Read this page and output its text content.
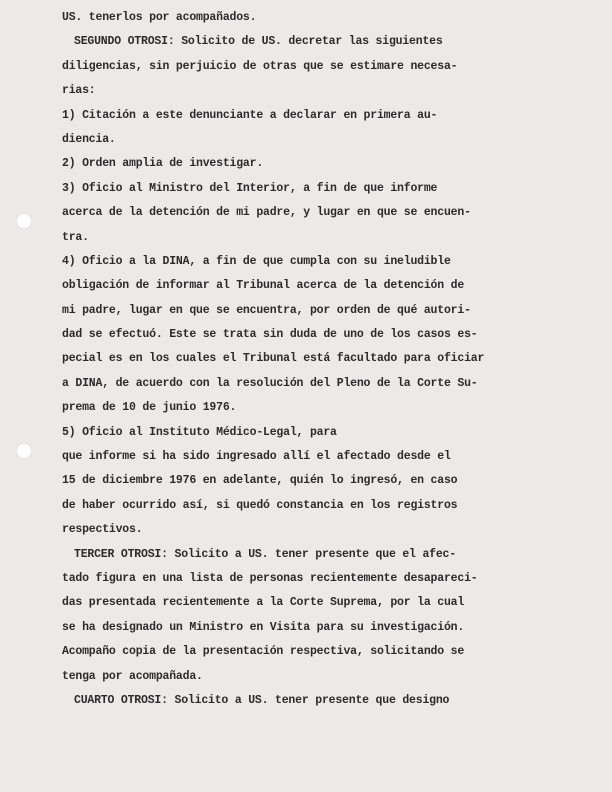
US. tenerlos por acompañados.
SEGUNDO OTROSI: Solicito de US. decretar las siguientes
diligencias, sin perjuicio de otras que se estimare necesa-
rias:
1) Citación a este denunciante a declarar en primera au-
diencia.
2) Orden amplia de investigar.
3) Oficio al Ministro del Interior, a fin de que informe
acerca de la detención de mi padre, y lugar en que se encuen-
tra.
4) Oficio a la DINA, a fin de que cumpla con su ineludible
obligación de informar al Tribunal acerca de la detención de
mi padre, lugar en que se encuentra, por orden de qué autori-
dad se efectuó. Este se trata sin duda de uno de los casos es-
pecial es en los cuales el Tribunal está facultado para oficiar
a DINA, de acuerdo con la resolución del Pleno de la Corte Su-
prema de 10 de junio 1976.
5) Oficio al Instituto Médico-Legal, para
que informe si ha sido ingresado allí el afectado desde el
15 de diciembre 1976 en adelante, quién lo ingresó, en caso
de haber ocurrido así, si quedó constancia en los registros
respectivos.
TERCER OTROSI: Solicito a US. tener presente que el afec-
tado figura en una lista de personas recientemente desapareci-
das presentada recientemente a la Corte Suprema, por la cual
se ha designado un Ministro en Visita para su investigación.
Acompaño copia de la presentación respectiva, solicitando se
tenga por acompañada.
CUARTO OTROSI: Solicito a US. tener presente que designo
